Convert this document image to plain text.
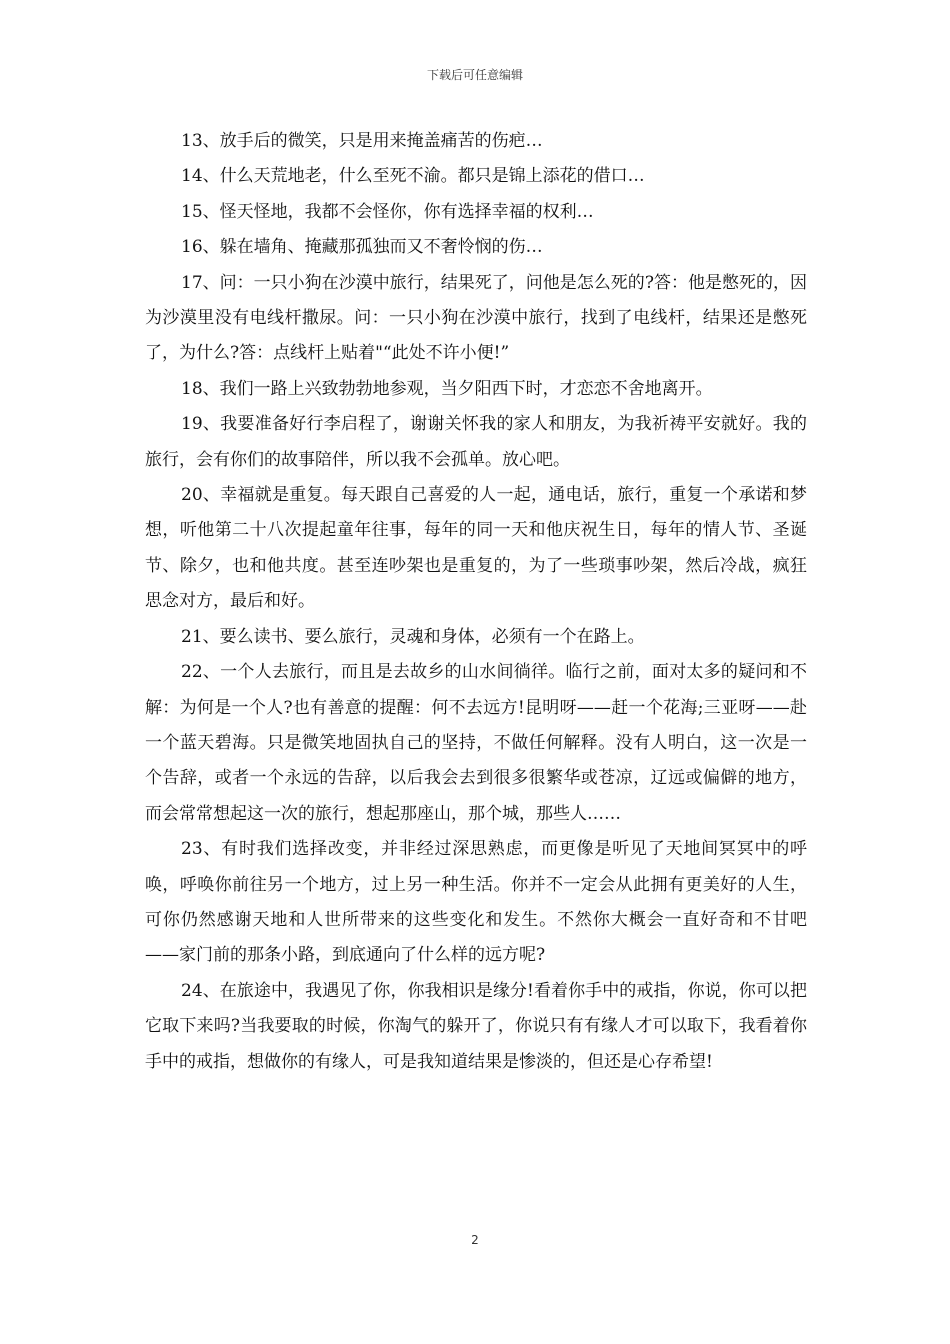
下载后可任意编辑

13、放手后的微笑，只是用来掩盖痛苦的伤疤…

14、什么天荒地老，什么至死不渝。都只是锦上添花的借口…

15、怪天怪地，我都不会怪你，你有选择幸福的权利…

16、躲在墙角、掩藏那孤独而又不奢怜悯的伤…

17、问：一只小狗在沙漠中旅行，结果死了，问他是怎么死的?答：他是憋死的，因为沙漠里没有电线杆撒尿。问：一只小狗在沙漠中旅行，找到了电线杆，结果还是憋死了，为什么?答：点线杆上贴着"“此处不许小便!”

18、我们一路上兴致勃勃地参观，当夕阳西下时，才恋恋不舍地离开。

19、我要准备好行李启程了，谢谢关怀我的家人和朋友，为我祈祷平安就好。我的旅行，会有你们的故事陪伴，所以我不会孤单。放心吧。

20、幸福就是重复。每天跟自己喜爱的人一起，通电话，旅行，重复一个承诺和梦想，听他第二十八次提起童年往事，每年的同一天和他庆祝生日，每年的情人节、圣诞节、除夕，也和他共度。甚至连吵架也是重复的，为了一些琐事吵架，然后冷战，疯狂思念对方，最后和好。

21、要么读书、要么旅行，灵魂和身体，必须有一个在路上。

22、一个人去旅行，而且是去故乡的山水间徜徉。临行之前，面对太多的疑问和不解：为何是一个人?也有善意的提醒：何不去远方!昆明呀——赶一个花海;三亚呀——赴一个蓝天碧海。只是微笑地固执自己的坚持，不做任何解释。没有人明白，这一次是一个告辞，或者一个永远的告辞，以后我会去到很多很繁华或苍凉，辽远或偏僻的地方，而会常常想起这一次的旅行，想起那座山，那个城，那些人……

23、有时我们选择改变，并非经过深思熟虑，而更像是听见了天地间冥冥中的呼唤，呼唤你前往另一个地方，过上另一种生活。你并不一定会从此拥有更美好的人生，可你仍然感谢天地和人世所带来的这些变化和发生。不然你大概会一直好奇和不甘吧——家门前的那条小路，到底通向了什么样的远方呢?

24、在旅途中，我遇见了你，你我相识是缘分!看着你手中的戒指，你说，你可以把它取下来吗?当我要取的时候，你淘气的躲开了，你说只有有缘人才可以取下，我看着你手中的戒指，想做你的有缘人，可是我知道结果是惨淡的，但还是心存希望!

2
